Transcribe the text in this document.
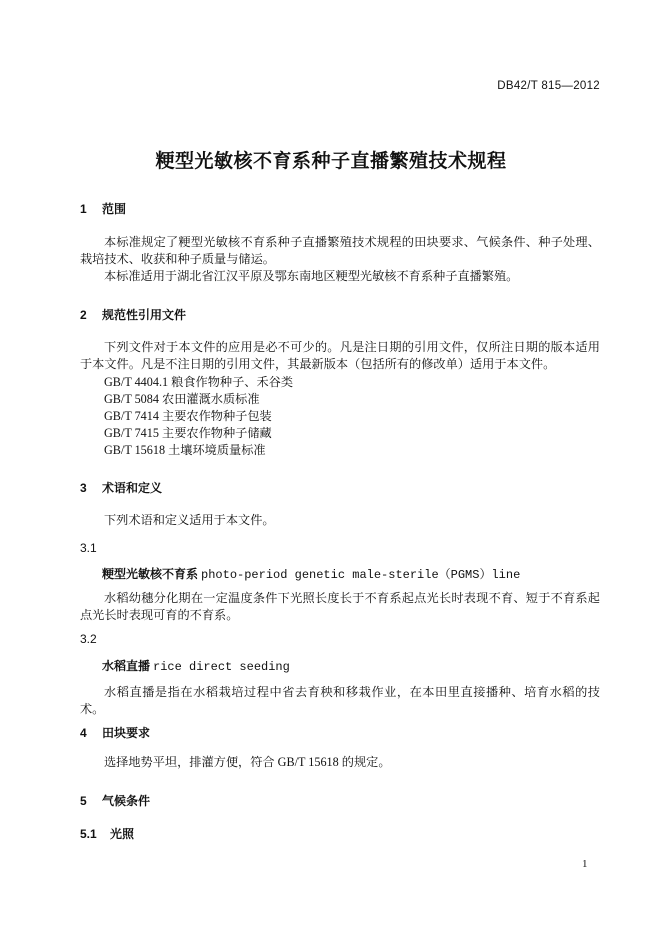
DB42/T 815—2012
粳型光敏核不育系种子直播繁殖技术规程
1 范围
本标准规定了粳型光敏核不育系种子直播繁殖技术规程的田块要求、气候条件、种子处理、栽培技术、收获和种子质量与储运。
本标准适用于湖北省江汉平原及鄂东南地区粳型光敏核不育系种子直播繁殖。
2 规范性引用文件
下列文件对于本文件的应用是必不可少的。凡是注日期的引用文件，仅所注日期的版本适用于本文件。凡是不注日期的引用文件，其最新版本（包括所有的修改单）适用于本文件。
GB/T 4404.1 粮食作物种子、禾谷类
GB/T 5084 农田灌溉水质标准
GB/T 7414 主要农作物种子包装
GB/T 7415 主要农作物种子储藏
GB/T 15618 土壤环境质量标准
3 术语和定义
下列术语和定义适用于本文件。
3.1
粳型光敏核不育系 photo-period genetic male-sterile（PGMS）line
水稻幼穗分化期在一定温度条件下光照长度长于不育系起点光长时表现不育、短于不育系起点光长时表现可育的不育系。
3.2
水稻直播 rice direct seeding
水稻直播是指在水稻栽培过程中省去育秧和移栽作业，在本田里直接播种、培育水稻的技术。
4 田块要求
选择地势平坦，排灌方便，符合 GB/T 15618 的规定。
5 气候条件
5.1 光照
1
